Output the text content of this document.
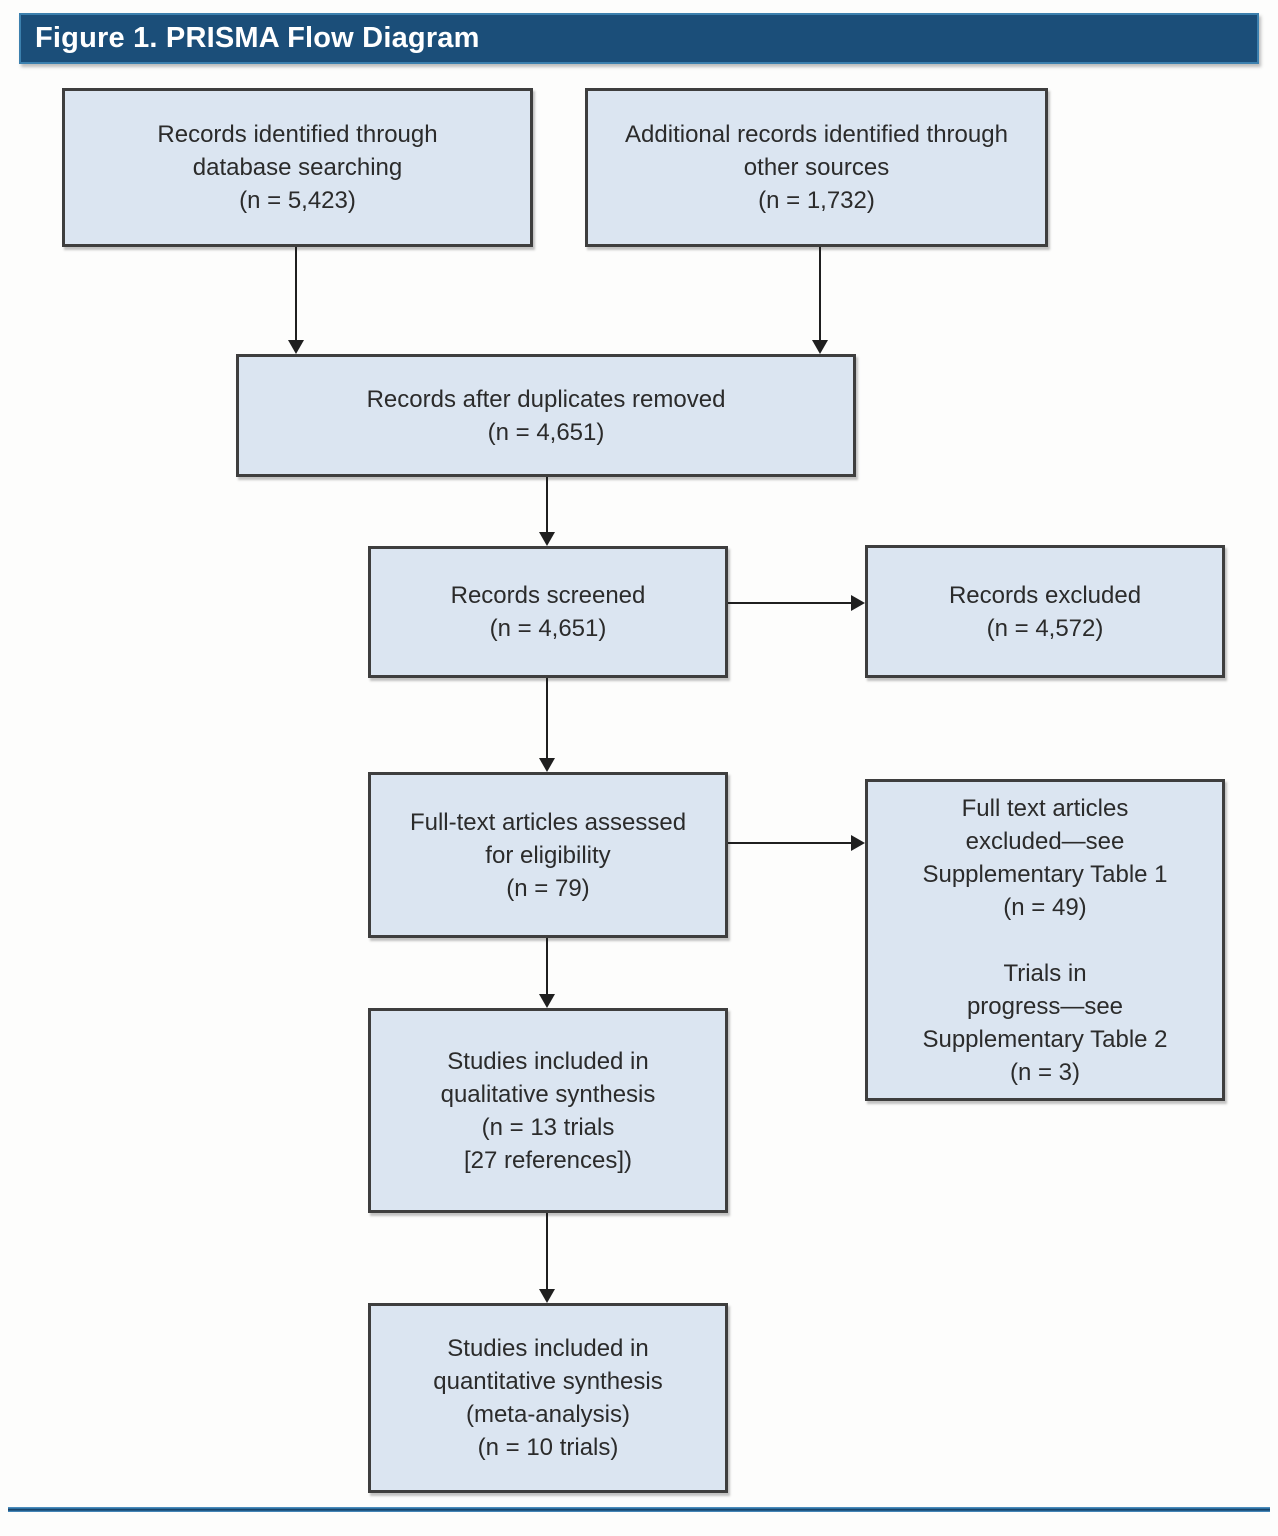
Figure 1. PRISMA Flow Diagram
Records identified through
database searching
(n = 5,423)
Additional records identified through
other sources
(n = 1,732)
Records after duplicates removed
(n = 4,651)
Records screened
(n = 4,651)
Records excluded
(n = 4,572)
Full-text articles assessed
for eligibility
(n = 79)
Full text articles
excluded—see
Supplementary Table 1
(n = 49)
Trials in
progress—see
Supplementary Table 2
(n = 3)
Studies included in
qualitative synthesis
(n = 13 trials
[27 references])
Studies included in
quantitative synthesis
(meta-analysis)
(n = 10 trials)
